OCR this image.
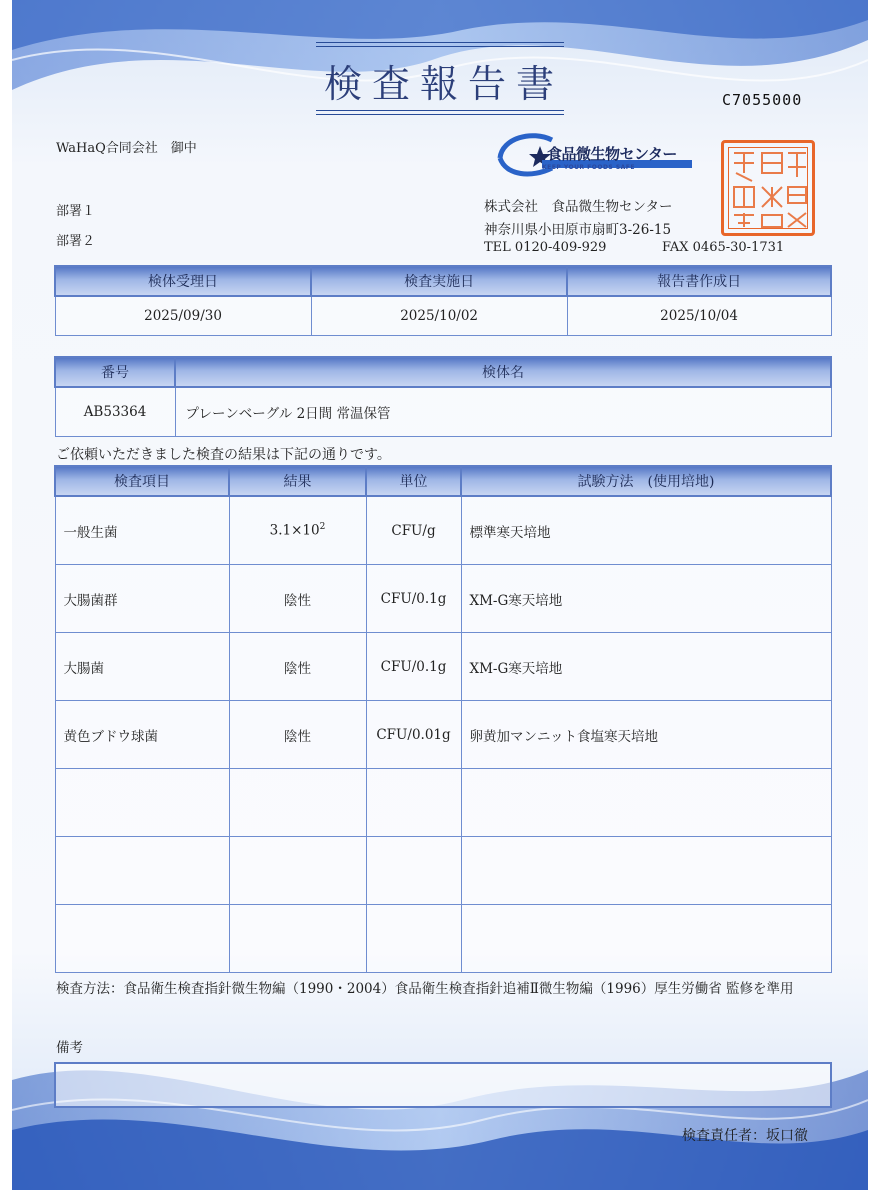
検査報告書	C7055000
WaHaQ合同会社　御中
部署１
部署２
食品微生物センター
KEEP YOUR FOODS SAFE
株式会社　食品微生物センター
神奈川県小田原市扇町3-26-15
TEL 0120-409-929	FAX 0465-30-1731
検体受理日	検査実施日	報告書作成日
2025/09/30	2025/10/02	2025/10/04
番号	検体名
AB53364	プレーンベーグル 2日間 常温保管
ご依頼いただきました検査の結果は下記の通りです。
検査項目	結果	単位	試験方法　(使用培地)
一般生菌	$3.1\times 10^2$	CFU/g	標準寒天培地
大腸菌群	陰性	CFU/0.1g	XM-G寒天培地
大腸菌	陰性	CFU/0.1g	XM-G寒天培地
黄色ブドウ球菌	陰性	CFU/0.01g	卵黄加マンニット食塩寒天培地

検査方法：食品衛生検査指針微生物編（1990・2004）食品衛生検査指針追補Ⅱ微生物編（1996）厚生労働省 監修を準用
備考
検査責任者：坂口徹
